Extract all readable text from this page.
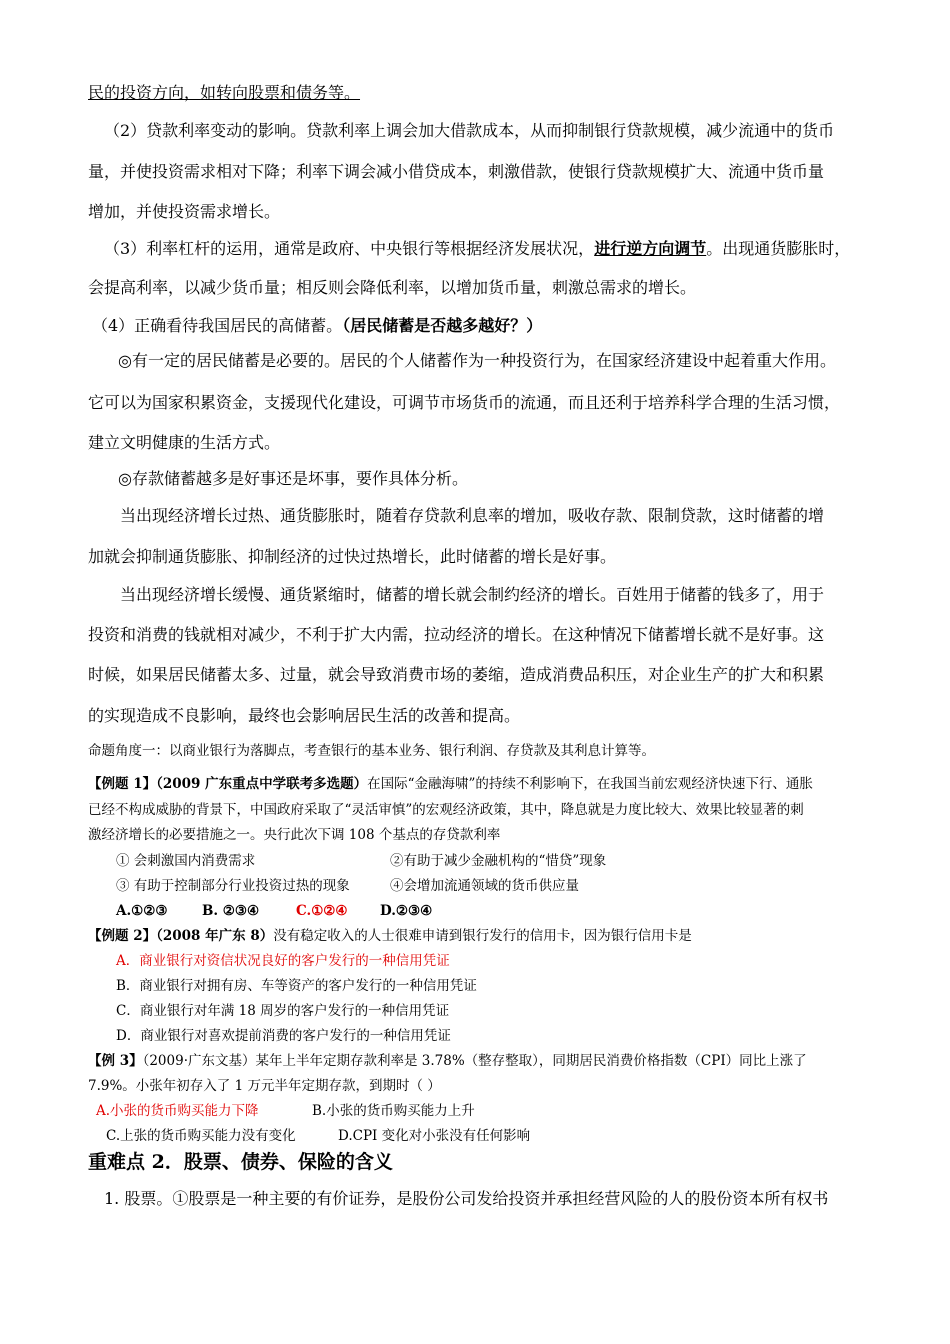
民的投资方向，如转向股票和债务等。
（2）贷款利率变动的影响。贷款利率上调会加大借款成本，从而抑制银行贷款规模，减少流通中的货币
量，并使投资需求相对下降；利率下调会减小借贷成本，刺激借款，使银行贷款规模扩大、流通中货币量
增加，并使投资需求增长。
（3）利率杠杆的运用，通常是政府、中央银行等根据经济发展状况，进行逆方向调节。出现通货膨胀时，
会提高利率，以减少货币量；相反则会降低利率，以增加货币量，刺激总需求的增长。
（4）正确看待我国居民的高储蓄。（居民储蓄是否越多越好？）
◎有一定的居民储蓄是必要的。居民的个人储蓄作为一种投资行为，在国家经济建设中起着重大作用。
它可以为国家积累资金，支援现代化建设，可调节市场货币的流通，而且还利于培养科学合理的生活习惯，
建立文明健康的生活方式。
◎存款储蓄越多是好事还是坏事，要作具体分析。
当出现经济增长过热、通货膨胀时，随着存贷款利息率的增加，吸收存款、限制贷款，这时储蓄的增
加就会抑制通货膨胀、抑制经济的过快过热增长，此时储蓄的增长是好事。
当出现经济增长缓慢、通货紧缩时，储蓄的增长就会制约经济的增长。百姓用于储蓄的钱多了，用于
投资和消费的钱就相对减少，不利于扩大内需，拉动经济的增长。在这种情况下储蓄增长就不是好事。这
时候，如果居民储蓄太多、过量，就会导致消费市场的萎缩，造成消费品积压，对企业生产的扩大和积累
的实现造成不良影响，最终也会影响居民生活的改善和提高。
命题角度一：以商业银行为落脚点，考查银行的基本业务、银行利润、存贷款及其利息计算等。
【例题 1】（2009 广东重点中学联考多选题）在国际“金融海啸”的持续不利影响下，在我国当前宏观经济快速下行、通胀
已经不构成威胁的背景下，中国政府采取了“灵活审慎”的宏观经济政策，其中，降息就是力度比较大、效果比较显著的刺
激经济增长的必要措施之一。央行此次下调 108 个基点的存贷款利率
① 会刺激国内消费需求	②有助于减少金融机构的“惜贷”现象
③ 有助于控制部分行业投资过热的现象	④会增加流通领域的货币供应量
A.①②③	B. ②③④	C.①②④ D.②③④
【例题 2】（2008 年广东 8）没有稳定收入的人士很难申请到银行发行的信用卡，因为银行信用卡是
A．商业银行对资信状况良好的客户发行的一种信用凭证
B．商业银行对拥有房、车等资产的客户发行的一种信用凭证
C．商业银行对年满 18 周岁的客户发行的一种信用凭证
D．商业银行对喜欢提前消费的客户发行的一种信用凭证
【例 3】（2009·广东文基）某年上半年定期存款利率是 3.78%（整存整取），同期居民消费价格指数（CPI）同比上涨了
7.9%。小张年初存入了 1 万元半年定期存款，到期时（ ）
A.小张的货币购买能力下降	B.小张的货币购买能力上升
C.上张的货币购买能力没有变化	D.CPI 变化对小张没有任何影响
重难点 2．股票、债券、保险的含义
1. 股票。①股票是一种主要的有价证券，是股份公司发给投资并承担经营风险的人的股份资本所有权书
